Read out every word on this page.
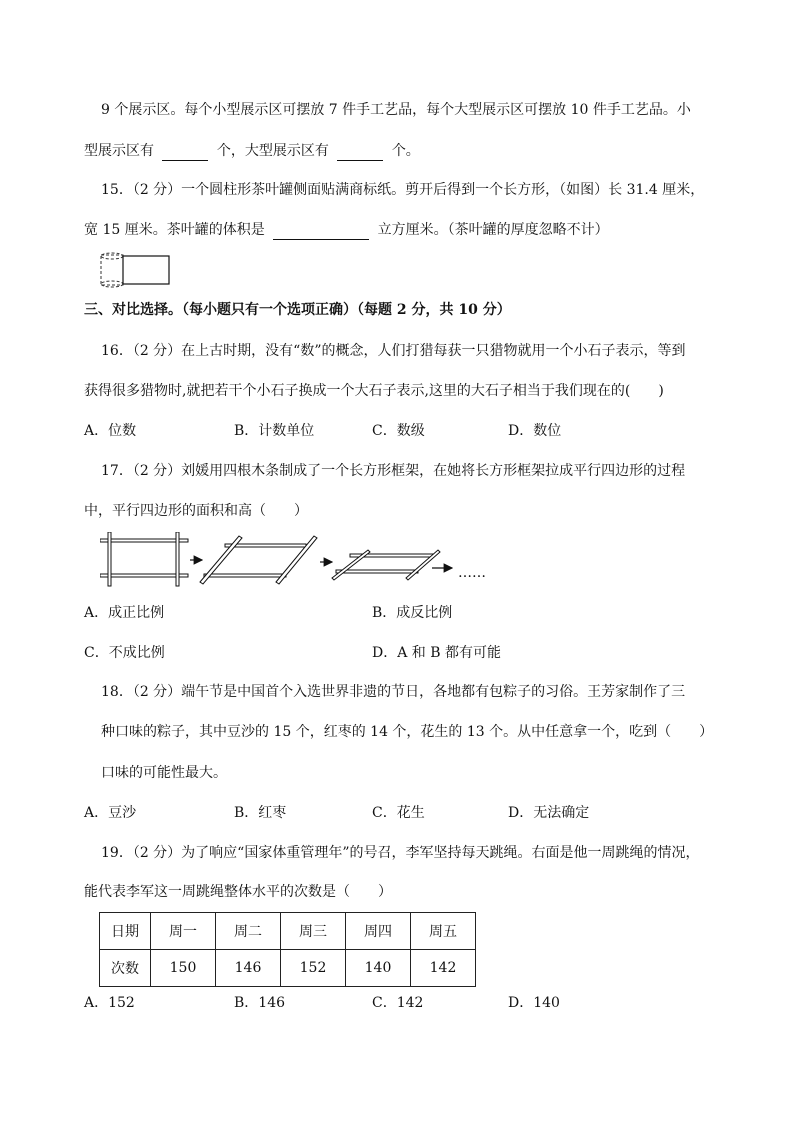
9 个展示区。每个小型展示区可摆放 7 件手工艺品，每个大型展示区可摆放 10 件手工艺品。小
型展示区有	个，大型展示区有	个。
15．（2 分）一个圆柱形茶叶罐侧面贴满商标纸。剪开后得到一个长方形，（如图）长 31.4 厘米，
宽 15 厘米。茶叶罐的体积是	立方厘米。（茶叶罐的厚度忽略不计）
三、对比选择。（每小题只有一个选项正确）（每题 2 分，共 10 分）
16．（2 分）在上古时期，没有“数”的概念，人们打猎每获一只猎物就用一个小石子表示，等到
获得很多猎物时,就把若干个小石子换成一个大石子表示,这里的大石子相当于我们现在的(　　)
A．位数	B．计数单位	C．数级	D．数位
17．（2 分）刘媛用四根木条制成了一个长方形框架，在她将长方形框架拉成平行四边形的过程
中，平行四边形的面积和高（　　）
……
A．成正比例	B．成反比例
C．不成比例	D．A 和 B 都有可能
18．（2 分）端午节是中国首个入选世界非遗的节日，各地都有包粽子的习俗。王芳家制作了三
种口味的粽子，其中豆沙的 15 个，红枣的 14 个，花生的 13 个。从中任意拿一个，吃到（　　）
口味的可能性最大。
A．豆沙	B．红枣	C．花生	D．无法确定
19．（2 分）为了响应“国家体重管理年”的号召，李军坚持每天跳绳。右面是他一周跳绳的情况，
能代表李军这一周跳绳整体水平的次数是（　　）
日期	周一	周二	周三	周四	周五
次数	150	146	152	140	142
A．152	B．146	C．142	D．140
